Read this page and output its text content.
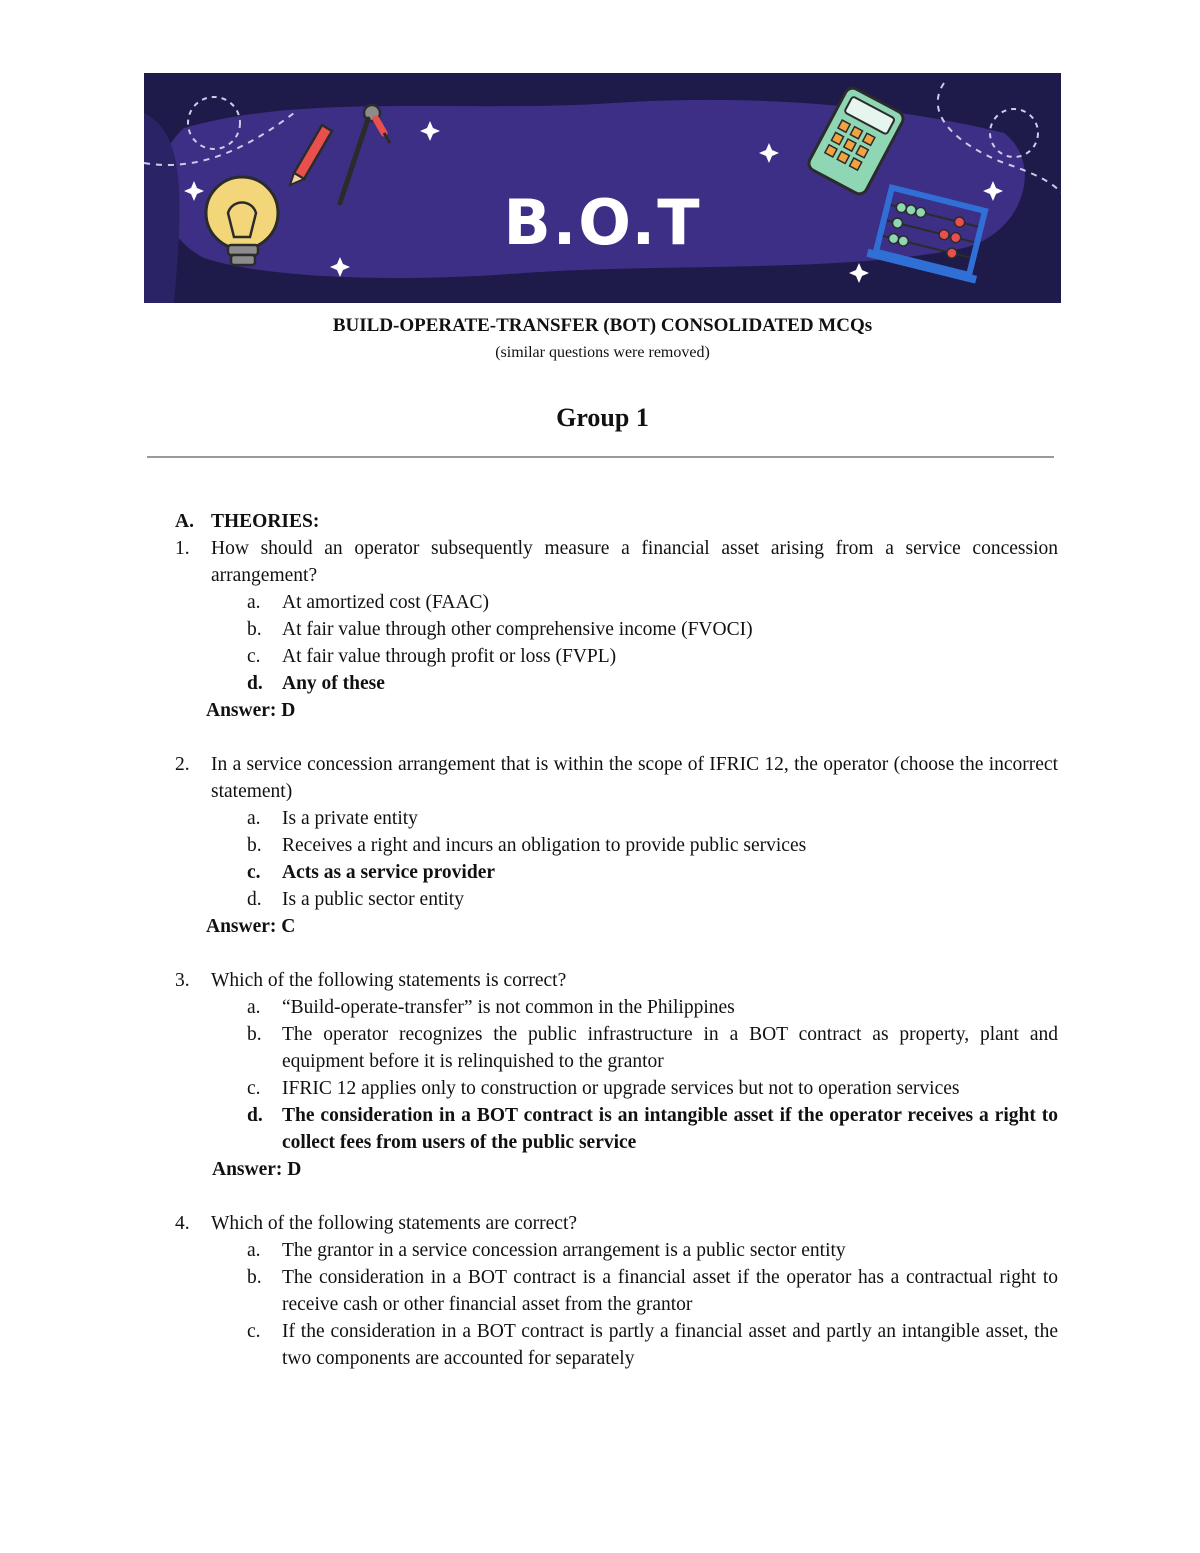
B.O.T
BUILD-OPERATE-TRANSFER (BOT) CONSOLIDATED MCQs
(similar questions were removed)
Group 1
A. THEORIES:
1. How should an operator subsequently measure a financial asset arising from a service concession arrangement?
a. At amortized cost (FAAC)
b. At fair value through other comprehensive income (FVOCI)
c. At fair value through profit or loss (FVPL)
d. Any of these
Answer: D
2. In a service concession arrangement that is within the scope of IFRIC 12, the operator (choose the incorrect statement)
a. Is a private entity
b. Receives a right and incurs an obligation to provide public services
c. Acts as a service provider
d. Is a public sector entity
Answer: C
3. Which of the following statements is correct?
a. “Build-operate-transfer” is not common in the Philippines
b. The operator recognizes the public infrastructure in a BOT contract as property, plant and equipment before it is relinquished to the grantor
c. IFRIC 12 applies only to construction or upgrade services but not to operation services
d. The consideration in a BOT contract is an intangible asset if the operator receives a right to collect fees from users of the public service
Answer: D
4. Which of the following statements are correct?
a. The grantor in a service concession arrangement is a public sector entity
b. The consideration in a BOT contract is a financial asset if the operator has a contractual right to receive cash or other financial asset from the grantor
c. If the consideration in a BOT contract is partly a financial asset and partly an intangible asset, the two components are accounted for separately
